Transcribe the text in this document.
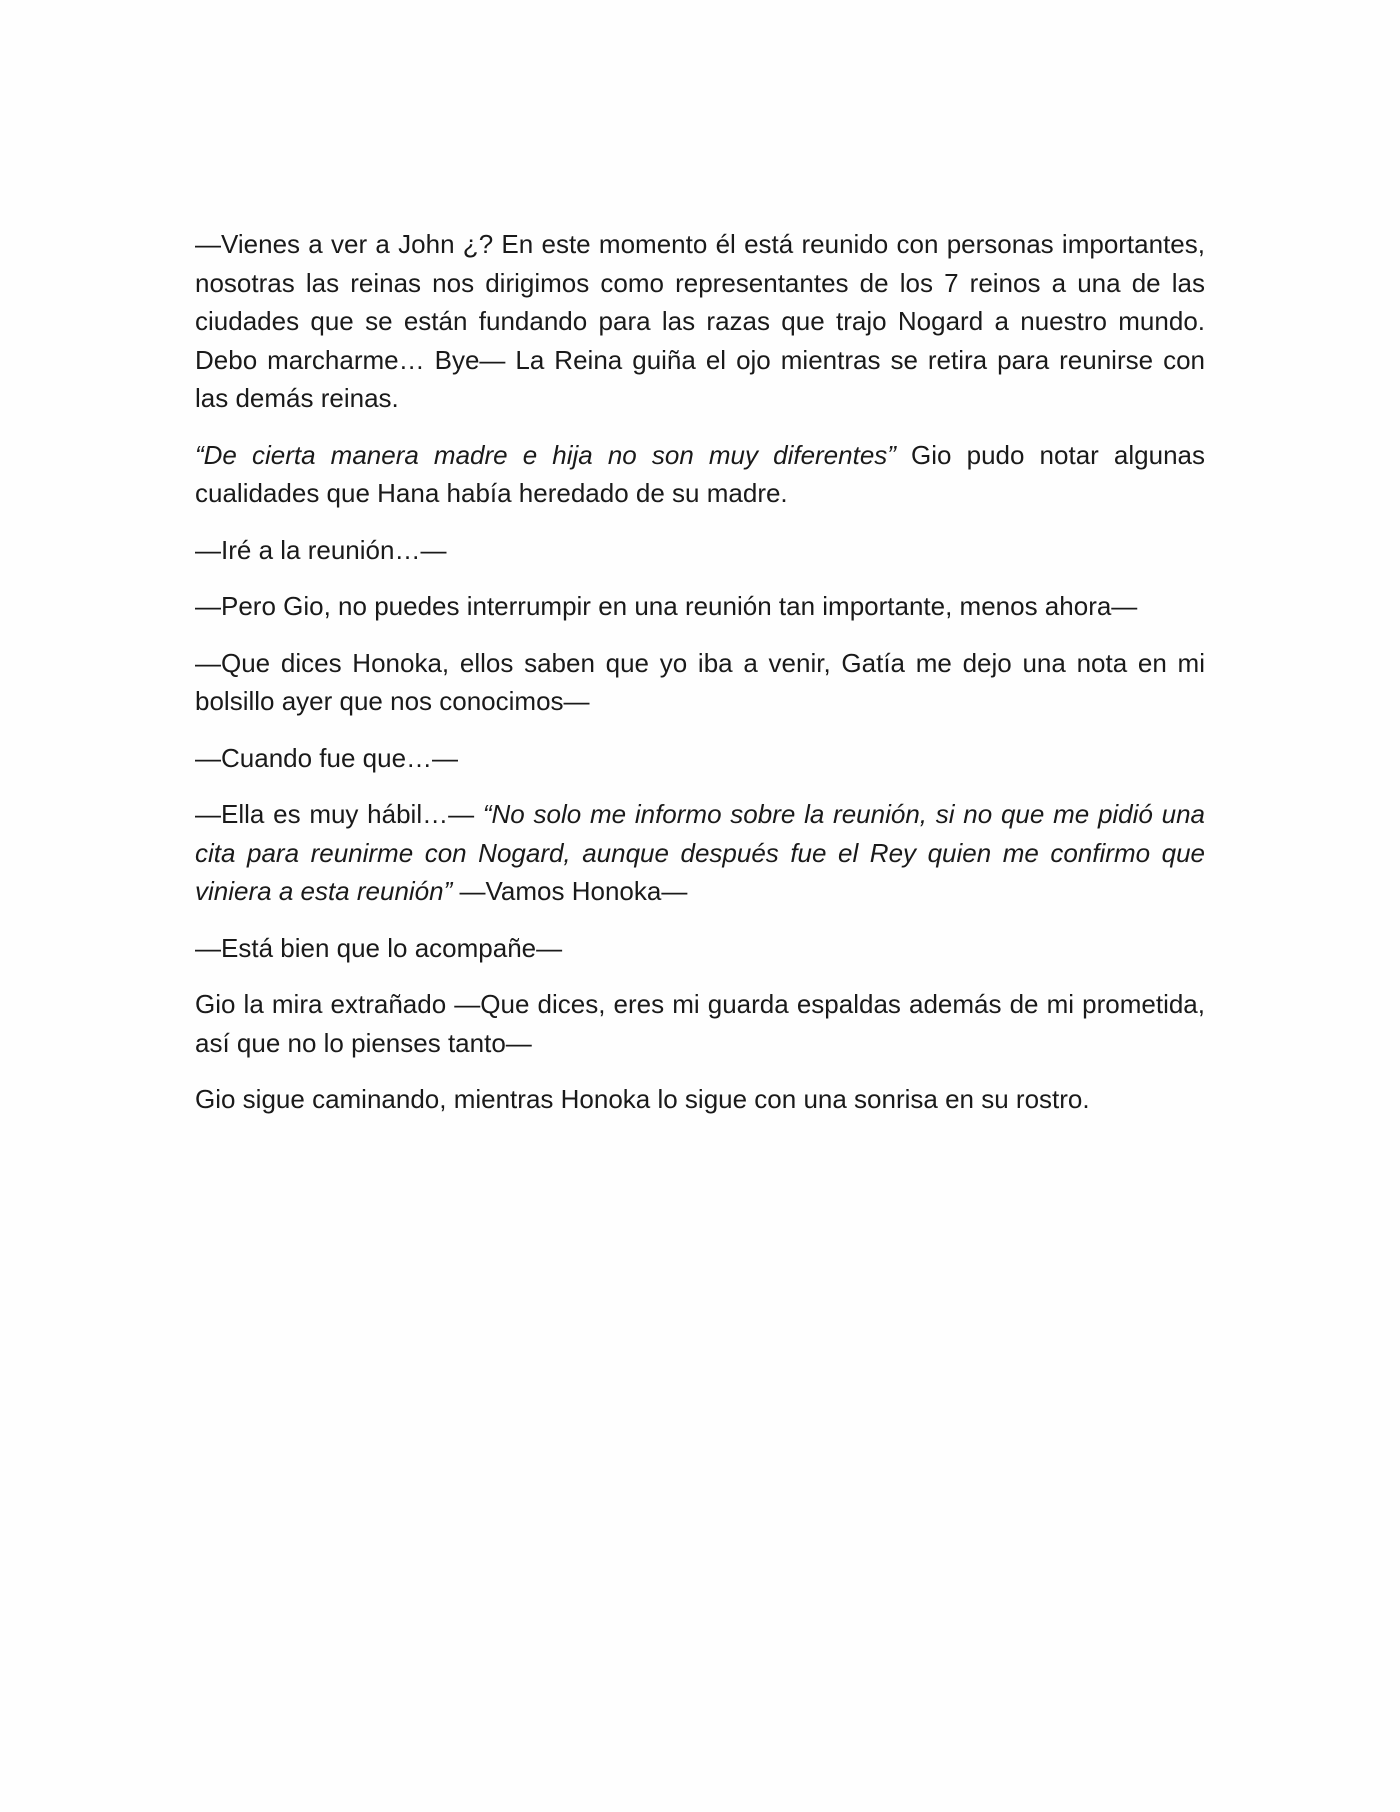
—Vienes a ver a John ¿? En este momento él está reunido con personas importantes, nosotras las reinas nos dirigimos como representantes de los 7 reinos a una de las ciudades que se están fundando para las razas que trajo Nogard a nuestro mundo. Debo marcharme… Bye— La Reina guiña el ojo mientras se retira para reunirse con las demás reinas.

“De cierta manera madre e hija no son muy diferentes” Gio pudo notar algunas cualidades que Hana había heredado de su madre.

—Iré a la reunión…—

—Pero Gio, no puedes interrumpir en una reunión tan importante, menos ahora—

—Que dices Honoka, ellos saben que yo iba a venir, Gatía me dejo una nota en mi bolsillo ayer que nos conocimos—

—Cuando fue que…—

—Ella es muy hábil…— “No solo me informo sobre la reunión, si no que me pidió una cita para reunirme con Nogard, aunque después fue el Rey quien me confirmo que viniera a esta reunión” —Vamos Honoka—

—Está bien que lo acompañe—

Gio la mira extrañado —Que dices, eres mi guarda espaldas además de mi prometida, así que no lo pienses tanto—

Gio sigue caminando, mientras Honoka lo sigue con una sonrisa en su rostro.
